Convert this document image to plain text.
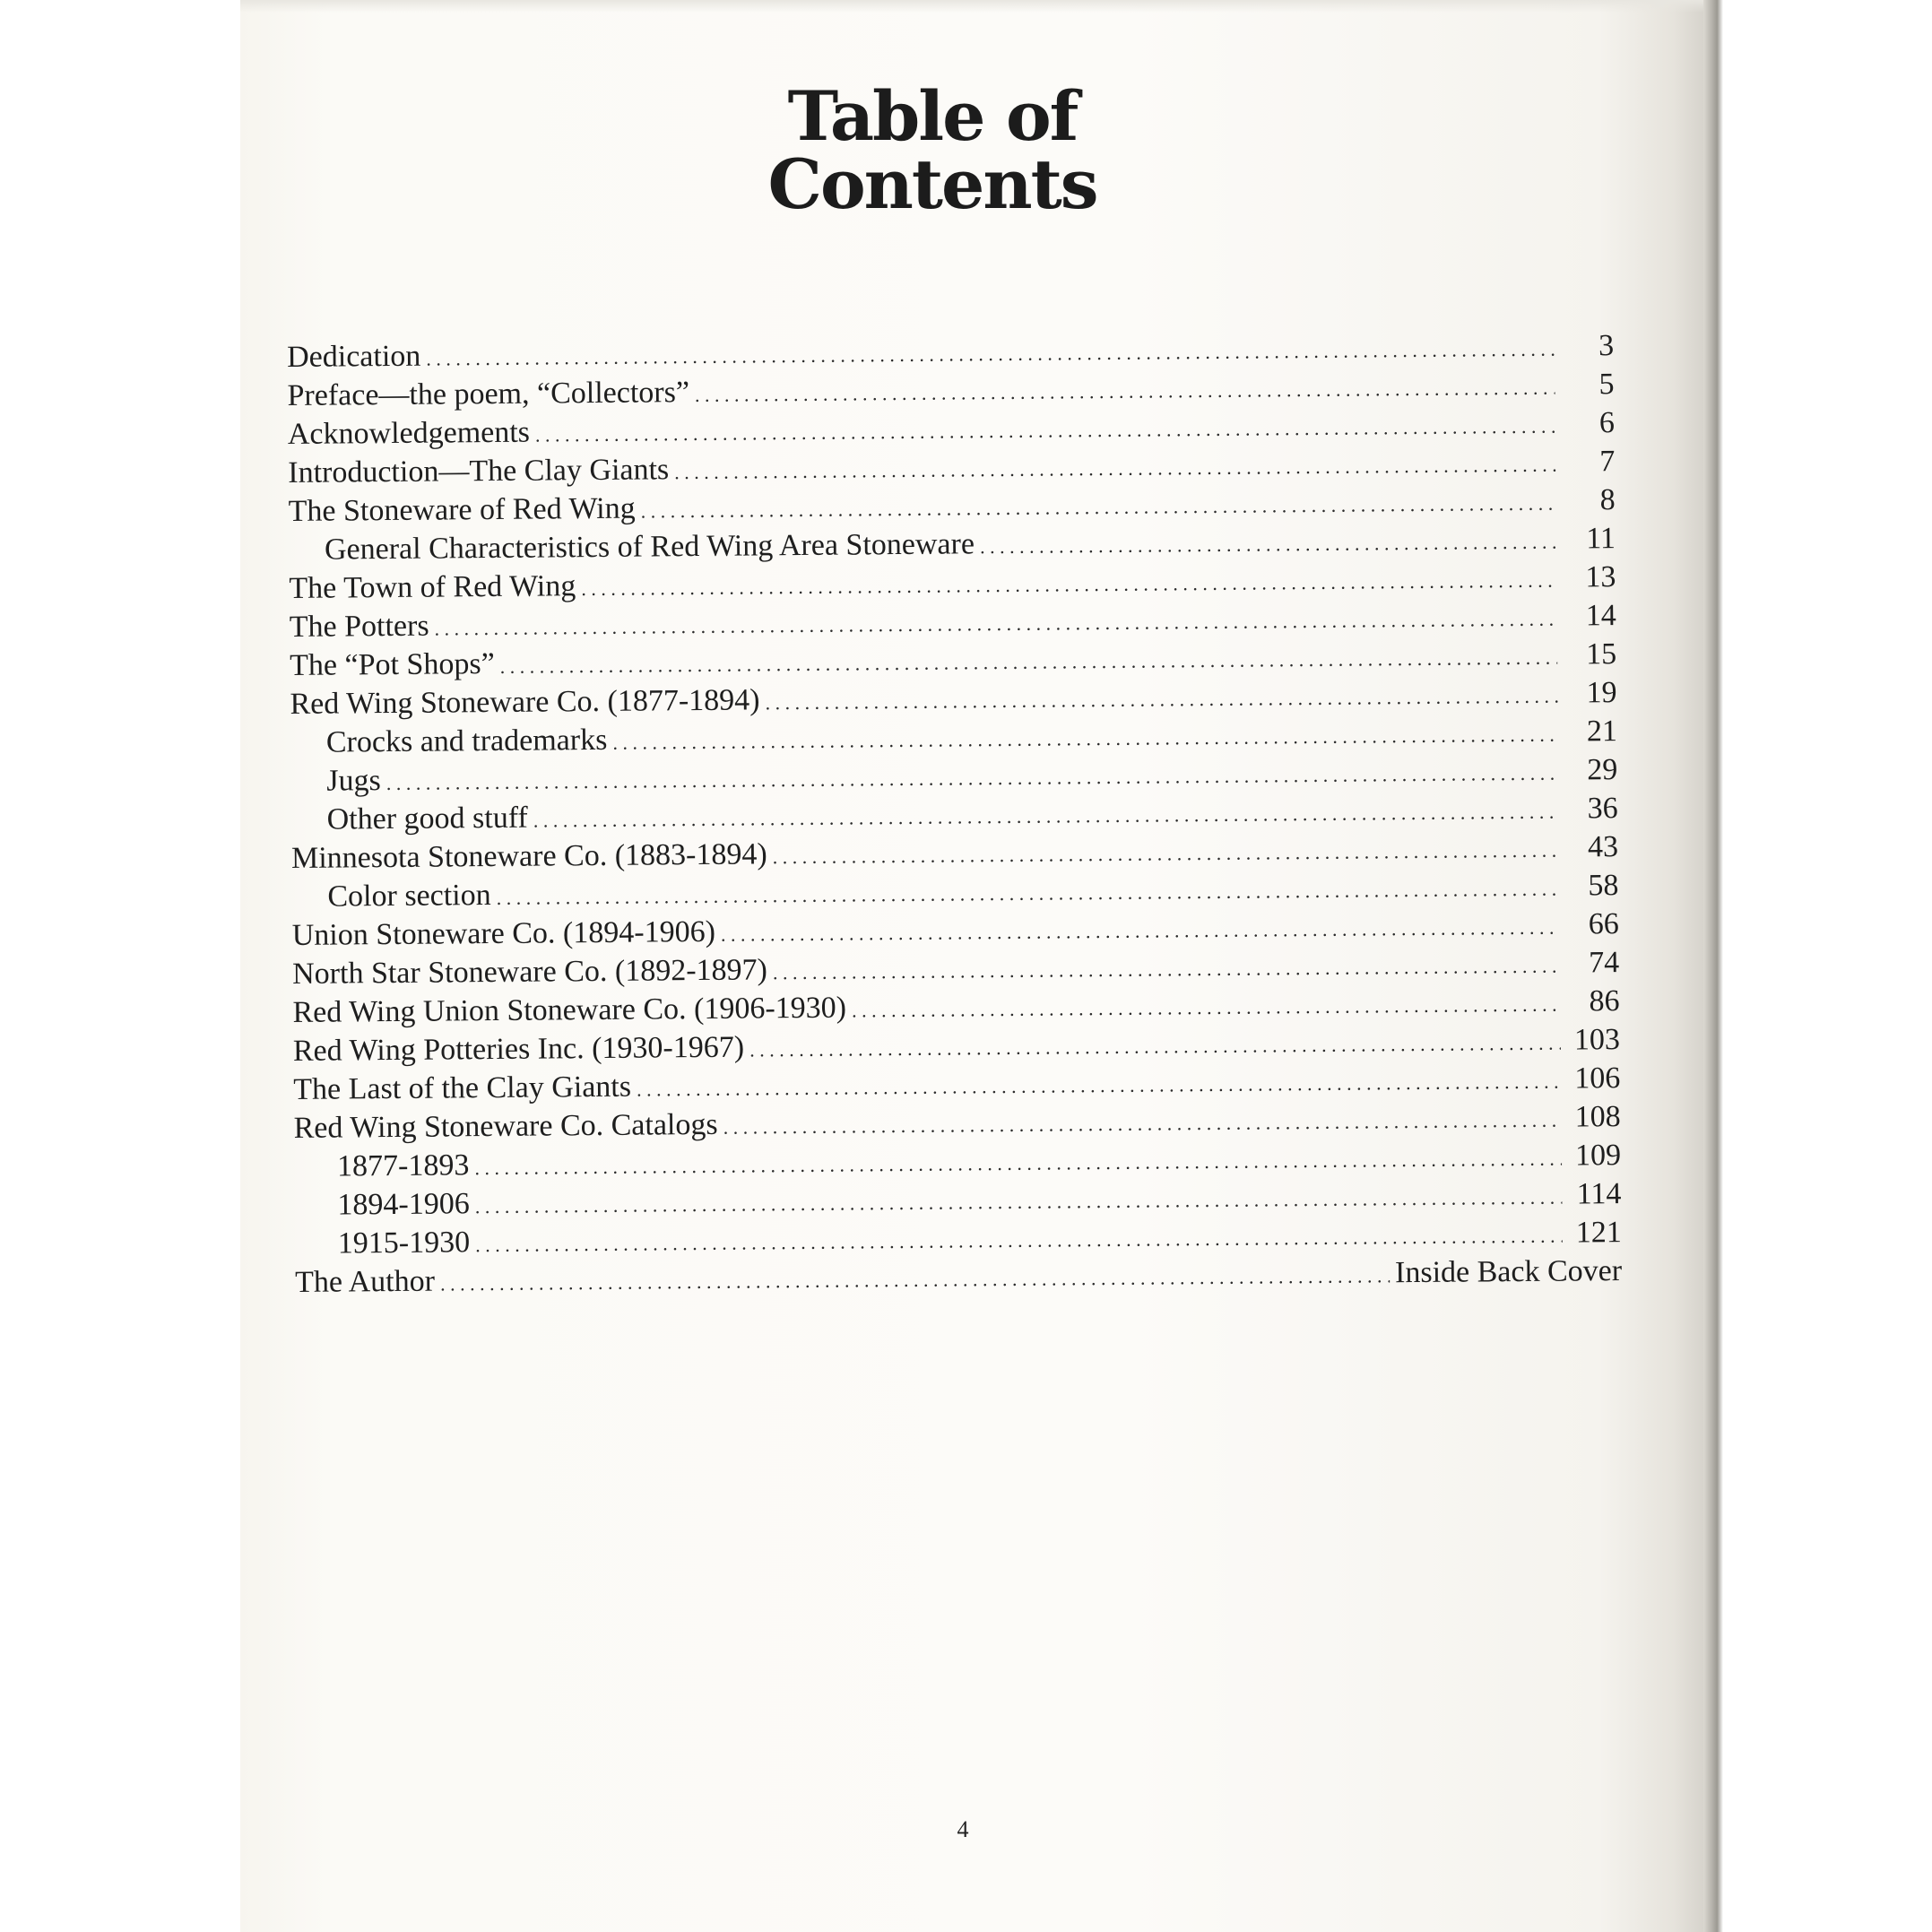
Table of Contents
Dedication . . .	3
Preface—the poem, “Collectors” . . .	5
Acknowledgements . . .	6
Introduction—The Clay Giants . . .	7
The Stoneware of Red Wing . . .	8
General Characteristics of Red Wing Area Stoneware . . .	11
The Town of Red Wing . . .	13
The Potters . . .	14
The “Pot Shops” . . .	15
Red Wing Stoneware Co. (1877-1894) . . .	19
Crocks and trademarks . . .	21
Jugs . . .	29
Other good stuff . . .	36
Minnesota Stoneware Co. (1883-1894) . . .	43
Color section . . .	58
Union Stoneware Co. (1894-1906) . . .	66
North Star Stoneware Co. (1892-1897) . . .	74
Red Wing Union Stoneware Co. (1906-1930) . . .	86
Red Wing Potteries Inc. (1930-1967) . . .	103
The Last of the Clay Giants . . .	106
Red Wing Stoneware Co. Catalogs . . .	108
1877-1893 . . .	109
1894-1906 . . .	114
1915-1930 . . .	121
The Author . . .	Inside Back Cover
4
